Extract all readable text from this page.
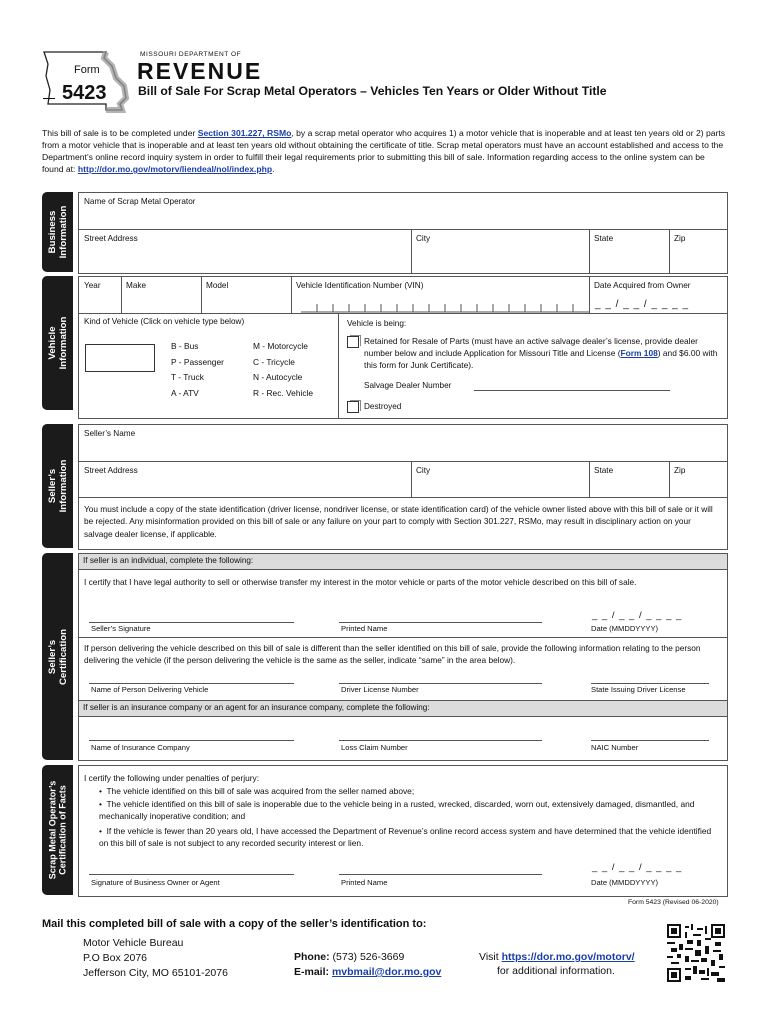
Form
5423
MISSOURI DEPARTMENT OF
REVENUE
Bill of Sale For Scrap Metal Operators – Vehicles Ten Years or Older Without Title
This bill of sale is to be completed under Section 301.227, RSMo, by a scrap metal operator who acquires 1) a motor vehicle that is inoperable and at least ten years old or 2) parts from a motor vehicle that is inoperable and at least ten years old without obtaining the certificate of title. Scrap metal operators must have an account established and access to the Department’s online record inquiry system in order to fulfill their legal requirements prior to submitting this bill of sale. Information regarding access to the online system can be found at: http://dor.mo.gov/motorv/liendeal/nol/index.php.
Business
Information
Name of Scrap Metal Operator
Street Address	City	State	Zip
Vehicle
Information
Year	Make	Model	Vehicle Identification Number (VIN)	Date Acquired from Owner
_ _ / _ _ / _ _ _ _
Kind of Vehicle (Click on vehicle type below)
B - Bus
P - Passenger
T - Truck
A - ATV
M - Motorcycle
C - Tricycle
N - Autocycle
R - Rec. Vehicle
Vehicle is being:
Retained for Resale of Parts (must have an active salvage dealer’s license, provide dealer number below and include Application for Missouri Title and License (Form 108) and $6.00 with this form for Junk Certificate).
Salvage Dealer Number
Destroyed
Seller’s
Information
Seller’s Name
Street Address	City	State	Zip
You must include a copy of the state identification (driver license, nondriver license, or state identification card) of the vehicle owner listed above with this bill of sale or it will be rejected. Any misinformation provided on this bill of sale or any failure on your part to comply with Section 301.227, RSMo, may result in disciplinary action on your salvage dealer license, if applicable.
Seller’s
Certification
If seller is an individual, complete the following:
I certify that I have legal authority to sell or otherwise transfer my interest in the motor vehicle or parts of the motor vehicle described on this bill of sale.
_ _ / _ _ / _ _ _ _
Seller’s Signature	Printed Name	Date (MMDDYYYY)
If person delivering the vehicle described on this bill of sale is different than the seller identified on this bill of sale, provide the following information relating to the person delivering the vehicle (if the person delivering the vehicle is the same as the seller, indicate “same” in the area below).
Name of Person Delivering Vehicle	Driver License Number	State Issuing Driver License
If seller is an insurance company or an agent for an insurance company, complete the following:
Name of Insurance Company	Loss Claim Number	NAIC Number
Scrap Metal Operator’s
Certification of Facts
I certify the following under penalties of perjury:
•  The vehicle identified on this bill of sale was acquired from the seller named above;
•  The vehicle identified on this bill of sale is inoperable due to the vehicle being in a rusted, wrecked, discarded, worn out, extensively damaged, dismantled, and mechanically inoperative condition; and
•  If the vehicle is fewer than 20 years old, I have accessed the Department of Revenue’s online record access system and have determined that the vehicle identified on this bill of sale is not subject to any recorded security interest or lien.
_ _ / _ _ / _ _ _ _
Signature of Business Owner or Agent	Printed Name	Date (MMDDYYYY)
Form 5423 (Revised 06-2020)
Mail this completed bill of sale with a copy of the seller’s identification to:
Motor Vehicle Bureau
P.O Box 2076
Jefferson City, MO 65101-2076
Phone: (573) 526-3669
E-mail: mvbmail@dor.mo.gov
Visit https://dor.mo.gov/motorv/
for additional information.
